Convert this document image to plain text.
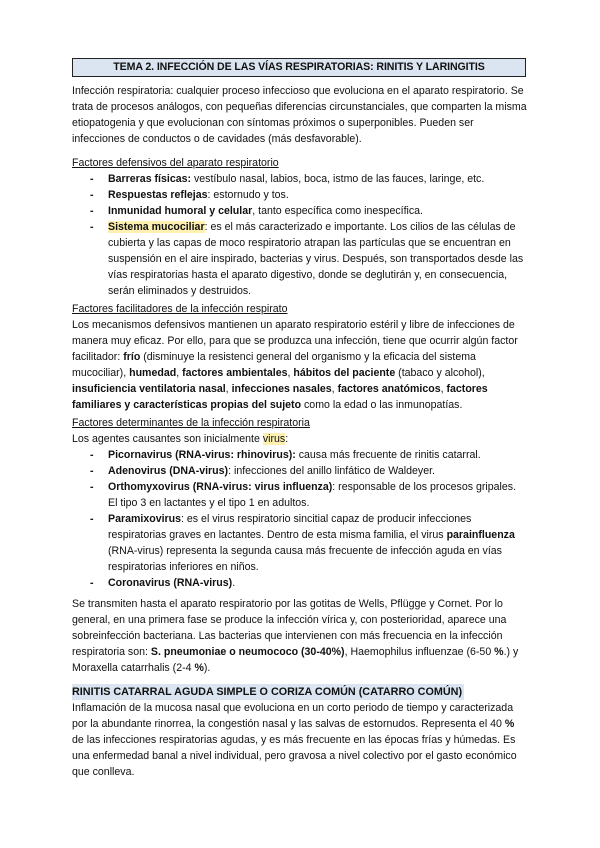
TEMA 2. INFECCIÓN DE LAS VÍAS RESPIRATORIAS: RINITIS Y LARINGITIS

Infección respiratoria: cualquier proceso infeccioso que evoluciona en el aparato respiratorio. Se trata de procesos análogos, con pequeñas diferencias circunstanciales, que comparten la misma etiopatogenia y que evolucionan con síntomas próximos o superponibles. Pueden ser infecciones de conductos o de cavidades (más desfavorable).

Factores defensivos del aparato respiratorio

- Barreras físicas: vestíbulo nasal, labios, boca, istmo de las fauces, laringe, etc.
- Respuestas reflejas: estornudo y tos.
- Inmunidad humoral y celular, tanto específica como inespecífica.
- Sistema mucociliar: es el más caracterizado e importante. Los cilios de las células de cubierta y las capas de moco respiratorio atrapan las partículas que se encuentran en suspensión en el aire inspirado, bacterias y virus. Después, son transportados desde las vías respiratorias hasta el aparato digestivo, donde se deglutirán y, en consecuencia, serán eliminados y destruidos.

Factores facilitadores de la infección respirato

Los mecanismos defensivos mantienen un aparato respiratorio estéril y libre de infecciones de manera muy eficaz. Por ello, para que se produzca una infección, tiene que ocurrir algún factor facilitador: frío (disminuye la resistenci general del organismo y la eficacia del sistema mucociliar), humedad, factores ambientales, hábitos del paciente (tabaco y alcohol), insuficiencia ventilatoria nasal, infecciones nasales, factores anatómicos, factores familiares y características propias del sujeto como la edad o las inmunopatías.

Factores determinantes de la infección respiratoria

Los agentes causantes son inicialmente virus:

- Picornavirus (RNA-virus: rhinovirus): causa más frecuente de rinitis catarral.
- Adenovirus (DNA-virus): infecciones del anillo linfático de Waldeyer.
- Orthomyxovirus (RNA-virus: virus influenza): responsable de los procesos gripales. El tipo 3 en lactantes y el tipo 1 en adultos.
- Paramixovirus: es el virus respiratorio sincitial capaz de producir infecciones respiratorias graves en lactantes. Dentro de esta misma familia, el virus parainfluenza (RNA-virus) representa la segunda causa más frecuente de infección aguda en vías respiratorias inferiores en niños.
- Coronavirus (RNA-virus).

Se transmiten hasta el aparato respiratorio por las gotitas de Wells, Pflügge y Cornet. Por lo general, en una primera fase se produce la infección vírica y, con posterioridad, aparece una sobreinfección bacteriana. Las bacterias que intervienen con más frecuencia en la infección respiratoria son: S. pneumoniae o neumococo (30-40%), Haemophilus influenzae (6-50 %.) y Moraxella catarrhalis (2-4 %).

RINITIS CATARRAL AGUDA SIMPLE O CORIZA COMÚN (CATARRO COMÚN)

Inflamación de la mucosa nasal que evoluciona en un corto periodo de tiempo y caracterizada por la abundante rinorrea, la congestión nasal y las salvas de estornudos. Representa el 40 % de las infecciones respiratorias agudas, y es más frecuente en las épocas frías y húmedas. Es una enfermedad banal a nivel individual, pero gravosa a nivel colectivo por el gasto económico que conlleva.
